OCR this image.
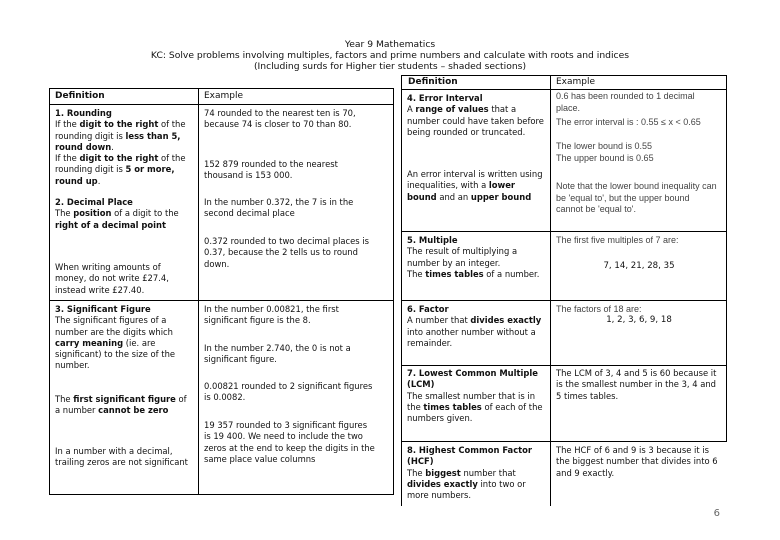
Year 9 Mathematics
KC: Solve problems involving multiples, factors and prime numbers and calculate with roots and indices
(Including surds for Higher tier students – shaded sections)
Definition	Example
1. Rounding
If the digit to the right of the rounding digit is less than 5, round down.
If the digit to the right of the rounding digit is 5 or more, round up.
74 rounded to the nearest ten is 70, because 74 is closer to 70 than 80.
152 879 rounded to the nearest thousand is 153 000.
2. Decimal Place
The position of a digit to the right of a decimal point
When writing amounts of money, do not write £27.4, instead write £27.40.
In the number 0.372, the 7 is in the second decimal place
0.372 rounded to two decimal places is 0.37, because the 2 tells us to round down.
3. Significant Figure
The significant figures of a number are the digits which carry meaning (ie. are significant) to the size of the number.
The first significant figure of a number cannot be zero
In a number with a decimal, trailing zeros are not significant
In the number 0.00821, the first significant figure is the 8.
In the number 2.740, the 0 is not a significant figure.
0.00821 rounded to 2 significant figures is 0.0082.
19 357 rounded to 3 significant figures is 19 400. We need to include the two zeros at the end to keep the digits in the same place value columns
Definition	Example
4. Error Interval
A range of values that a number could have taken before being rounded or truncated.
An error interval is written using inequalities, with a lower bound and an upper bound
0.6 has been rounded to 1 decimal place.
The error interval is : 0.55 ≤ x < 0.65
The lower bound is 0.55
The upper bound is 0.65
Note that the lower bound inequality can be 'equal to', but the upper bound cannot be 'equal to'.
5. Multiple
The result of multiplying a number by an integer.
The times tables of a number.
The first five multiples of 7 are:
7, 14, 21, 28, 35
6. Factor
A number that divides exactly into another number without a remainder.
The factors of 18 are:
1, 2, 3, 6, 9, 18
7. Lowest Common Multiple (LCM)
The smallest number that is in the times tables of each of the numbers given.
The LCM of 3, 4 and 5 is 60 because it is the smallest number in the 3, 4 and 5 times tables.
8. Highest Common Factor (HCF)
The biggest number that divides exactly into two or more numbers.
The HCF of 6 and 9 is 3 because it is the biggest number that divides into 6 and 9 exactly.
6
